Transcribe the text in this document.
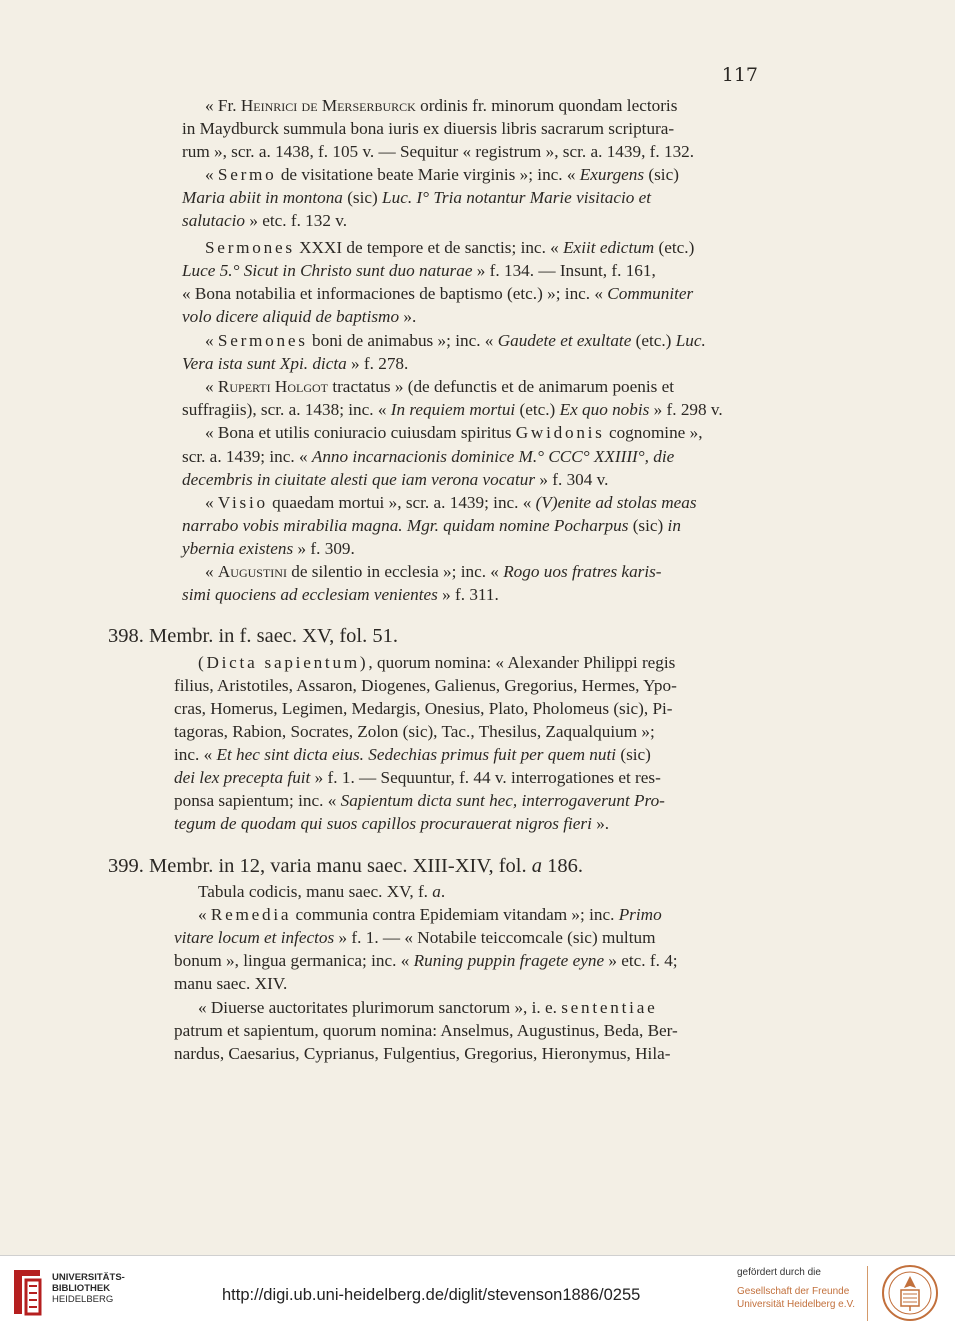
117
« Fr. Heinrici de Merserburck ordinis fr. minorum quondam lectoris
in Maydburck summula bona iuris ex diuersis libris sacrarum scriptura-
rum », scr. a. 1438, f. 105 v. — Sequitur « registrum », scr. a. 1439, f. 132.
« Sermo de visitatione beate Marie virginis »; inc. « Exurgens (sic)
Maria abiit in montona (sic) Luc. I° Tria notantur Marie visitacio et
salutacio » etc. f. 132 v.
Sermones XXXI de tempore et de sanctis; inc. « Exiit edictum (etc.)
Luce 5.° Sicut in Christo sunt duo naturae » f. 134. — Insunt, f. 161,
« Bona notabilia et informaciones de baptismo (etc.) »; inc. « Communiter
volo dicere aliquid de baptismo ».
« Sermones boni de animabus »; inc. « Gaudete et exultate (etc.) Luc.
Vera ista sunt Xpi. dicta » f. 278.
« Ruperti Holgot tractatus » (de defunctis et de animarum poenis et
suffragiis), scr. a. 1438; inc. « In requiem mortui (etc.) Ex quo nobis » f. 298 v.
« Bona et utilis coniuracio cuiusdam spiritus Gwidonis cognomine »,
scr. a. 1439; inc. « Anno incarnacionis dominice M.° CCC° XXIIII°, die
decembris in ciuitate alesti que iam verona vocatur » f. 304 v.
« Visio quaedam mortui », scr. a. 1439; inc. « (V)enite ad stolas meas
narrabo vobis mirabilia magna. Mgr. quidam nomine Pocharpus (sic) in
ybernia existens » f. 309.
« Augustini de silentio in ecclesia »; inc. « Rogo uos fratres karis-
simi quociens ad ecclesiam venientes » f. 311.
(Dicta sapientum), quorum nomina: « Alexander Philippi regis
filius, Aristotiles, Assaron, Diogenes, Galienus, Gregorius, Hermes, Ypo-
cras, Homerus, Legimen, Medargis, Onesius, Plato, Pholomeus (sic), Pi-
tagoras, Rabion, Socrates, Zolon (sic), Tac., Thesilus, Zaqualquium »;
inc. « Et hec sint dicta eius. Sedechias primus fuit per quem nuti (sic)
dei lex precepta fuit » f. 1. — Sequuntur, f. 44 v. interrogationes et res-
ponsa sapientum; inc. « Sapientum dicta sunt hec, interrogaverunt Pro-
tegum de quodam qui suos capillos procurauerat nigros fieri ».
Tabula codicis, manu saec. XV, f. a.
« Remedia communia contra Epidemiam vitandam »; inc. Primo
vitare locum et infectos » f. 1. — « Notabile teiccomcale (sic) multum
bonum », lingua germanica; inc. « Runing puppin fragete eyne » etc. f. 4;
manu saec. XIV.
« Diuerse auctoritates plurimorum sanctorum », i. e. sententiae
patrum et sapientum, quorum nomina: Anselmus, Augustinus, Beda, Ber-
nardus, Caesarius, Cyprianus, Fulgentius, Gregorius, Hieronymus, Hila-
398. Membr. in f. saec. XV, fol. 51.
399. Membr. in 12, varia manu saec. XIII-XIV, fol. a 186.
UNIVERSITÄTS-
BIBLIOTHEK
HEIDELBERG	http://digi.ub.uni-heidelberg.de/diglit/stevenson1886/0255
gefördert durch die
Gesellschaft der Freunde
Universität Heidelberg e.V.
